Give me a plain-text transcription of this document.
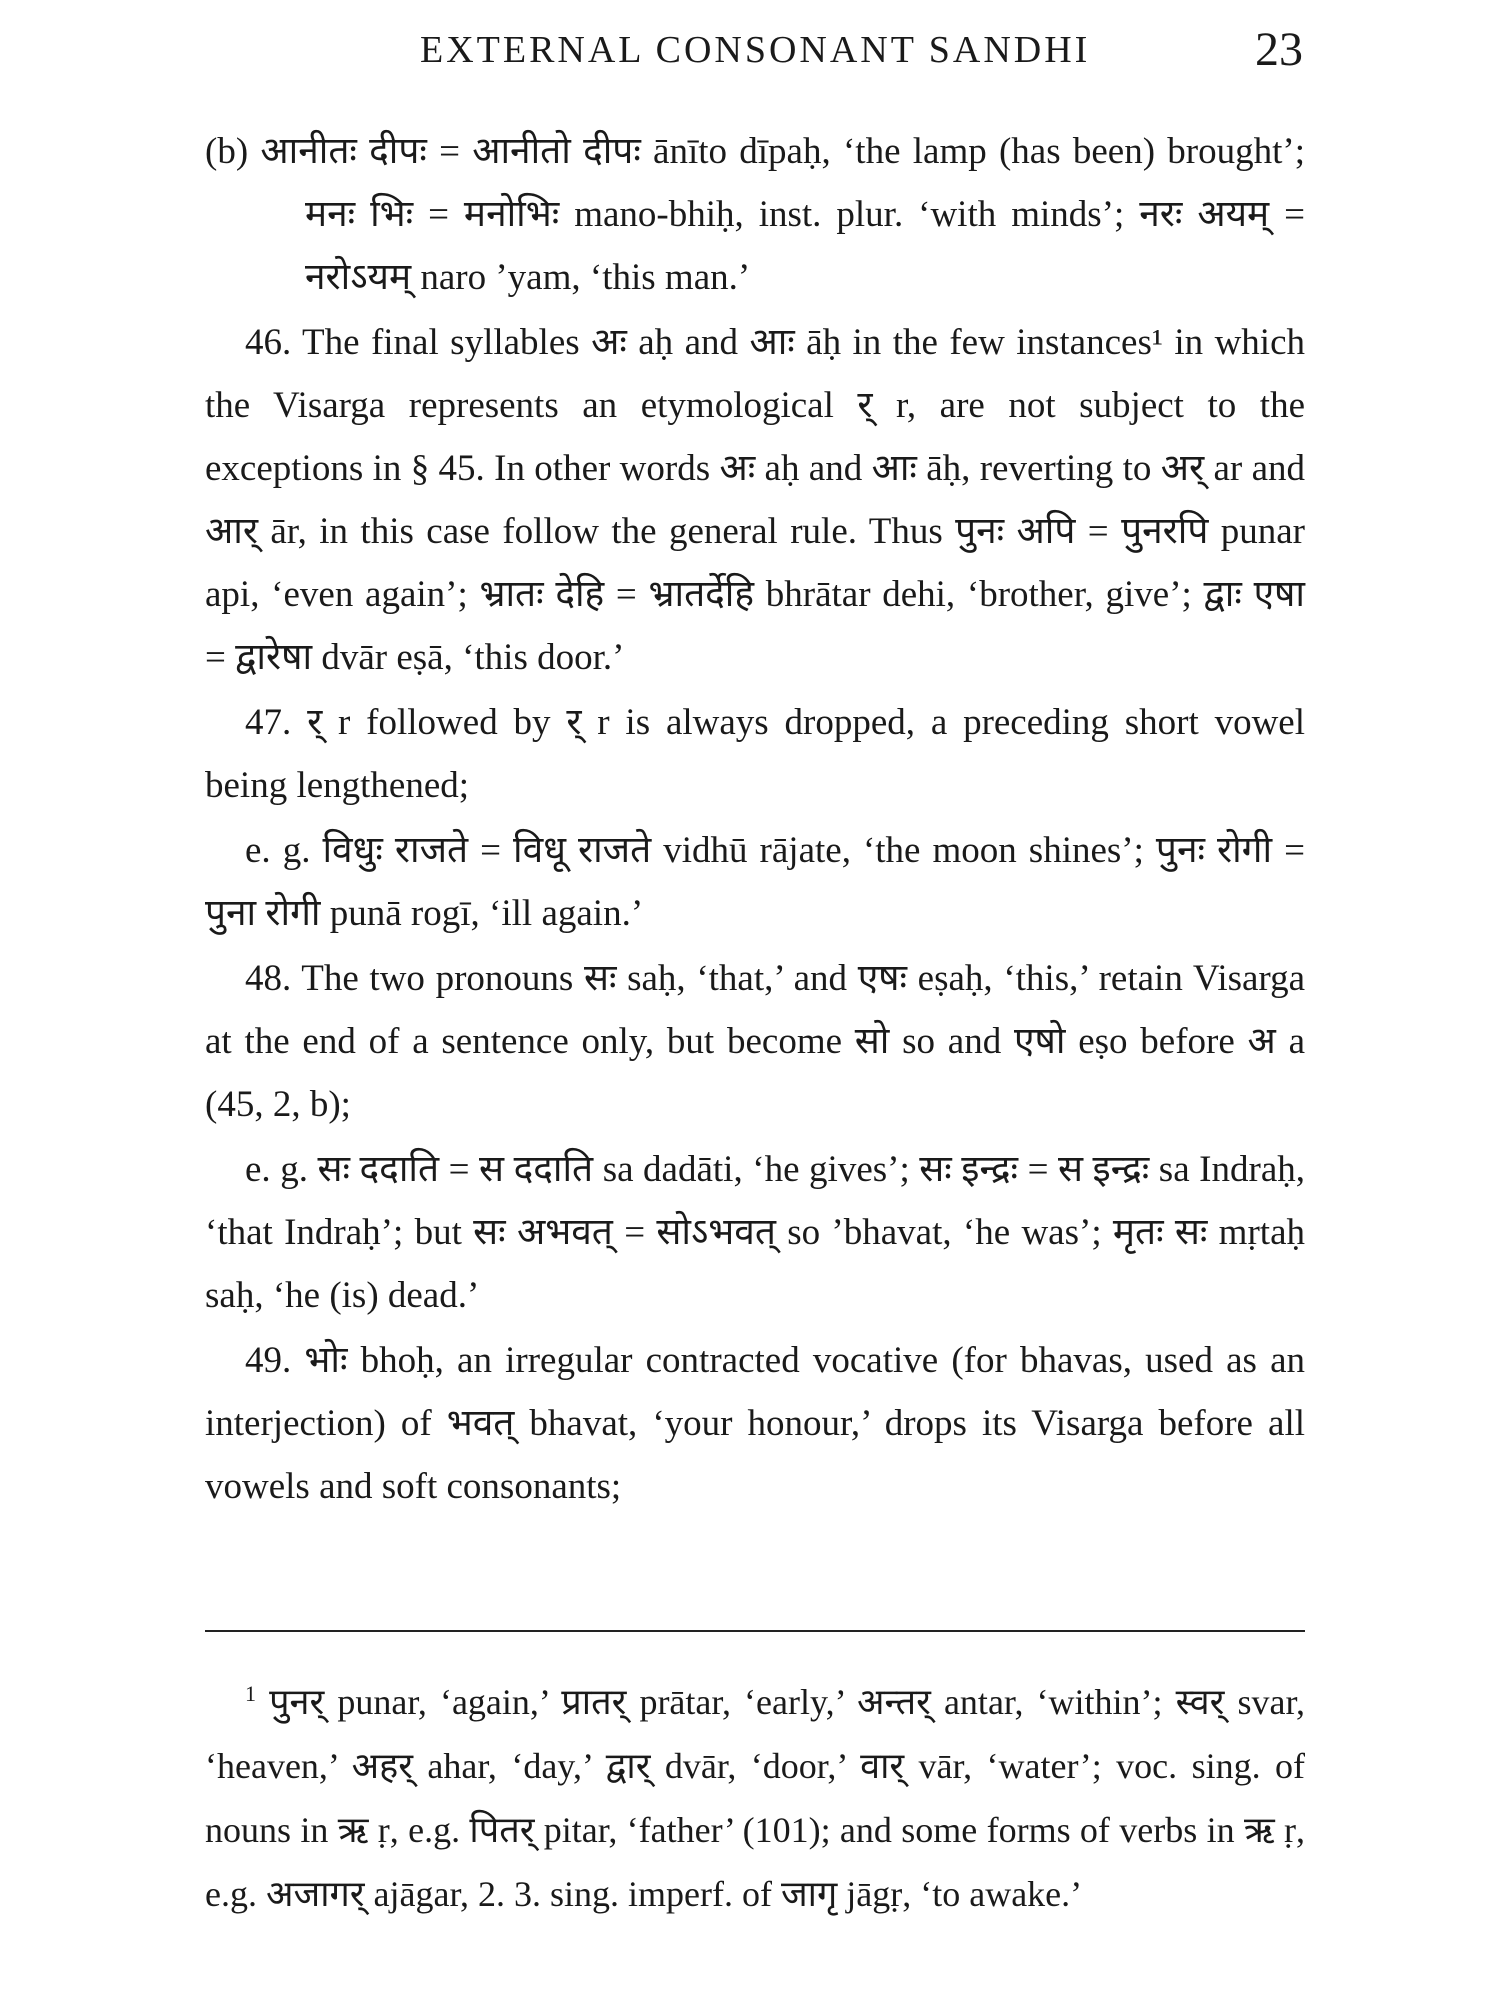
EXTERNAL CONSONANT SANDHI	23

(b) आनीतः दीपः = आनीतो दीपः ānīto dīpaḥ, ‘the lamp (has been) brought’; मनः भिः = मनोभिः mano-bhiḥ, inst. plur. ‘with minds’; नरः अयम् = नरोऽयम् naro ’yam, ‘this man.’

46. The final syllables अः aḥ and आः āḥ in the few instances¹ in which the Visarga represents an etymological र् r, are not subject to the exceptions in § 45. In other words अः aḥ and आः āḥ, reverting to अर् ar and आर् ār, in this case follow the general rule. Thus पुनः अपि = पुनरपि punar api, ‘even again’; भ्रातः देहि = भ्रातर्देहि bhrātar dehi, ‘brother, give’; द्वाः एषा = द्वारेषा dvār eṣā, ‘this door.’

47. र् r followed by र् r is always dropped, a preceding short vowel being lengthened;

e. g. विधुः राजते = विधू राजते vidhū rājate, ‘the moon shines’; पुनः रोगी = पुना रोगी punā rogī, ‘ill again.’

48. The two pronouns सः saḥ, ‘that,’ and एषः eṣaḥ, ‘this,’ retain Visarga at the end of a sentence only, but become सो so and एषो eṣo before अ a (45, 2, b);

e. g. सः ददाति = स ददाति sa dadāti, ‘he gives’; सः इन्द्रः = स इन्द्रः sa Indraḥ, ‘that Indraḥ’; but सः अभवत् = सोऽभवत् so ’bhavat, ‘he was’; मृतः सः mṛtaḥ saḥ, ‘he (is) dead.’

49. भोः bhoḥ, an irregular contracted vocative (for bhavas, used as an interjection) of भवत् bhavat, ‘your honour,’ drops its Visarga before all vowels and soft consonants;

$^1$ पुनर् punar, ‘again,’ प्रातर् prātar, ‘early,’ अन्तर् antar, ‘within’; स्वर् svar, ‘heaven,’ अहर् ahar, ‘day,’ द्वार् dvār, ‘door,’ वार् vār, ‘water’; voc. sing. of nouns in ऋ ṛ, e.g. पितर् pitar, ‘father’ (101); and some forms of verbs in ऋ ṛ, e.g. अजागर् ajāgar, 2. 3. sing. imperf. of जागृ jāgṛ, ‘to awake.’
